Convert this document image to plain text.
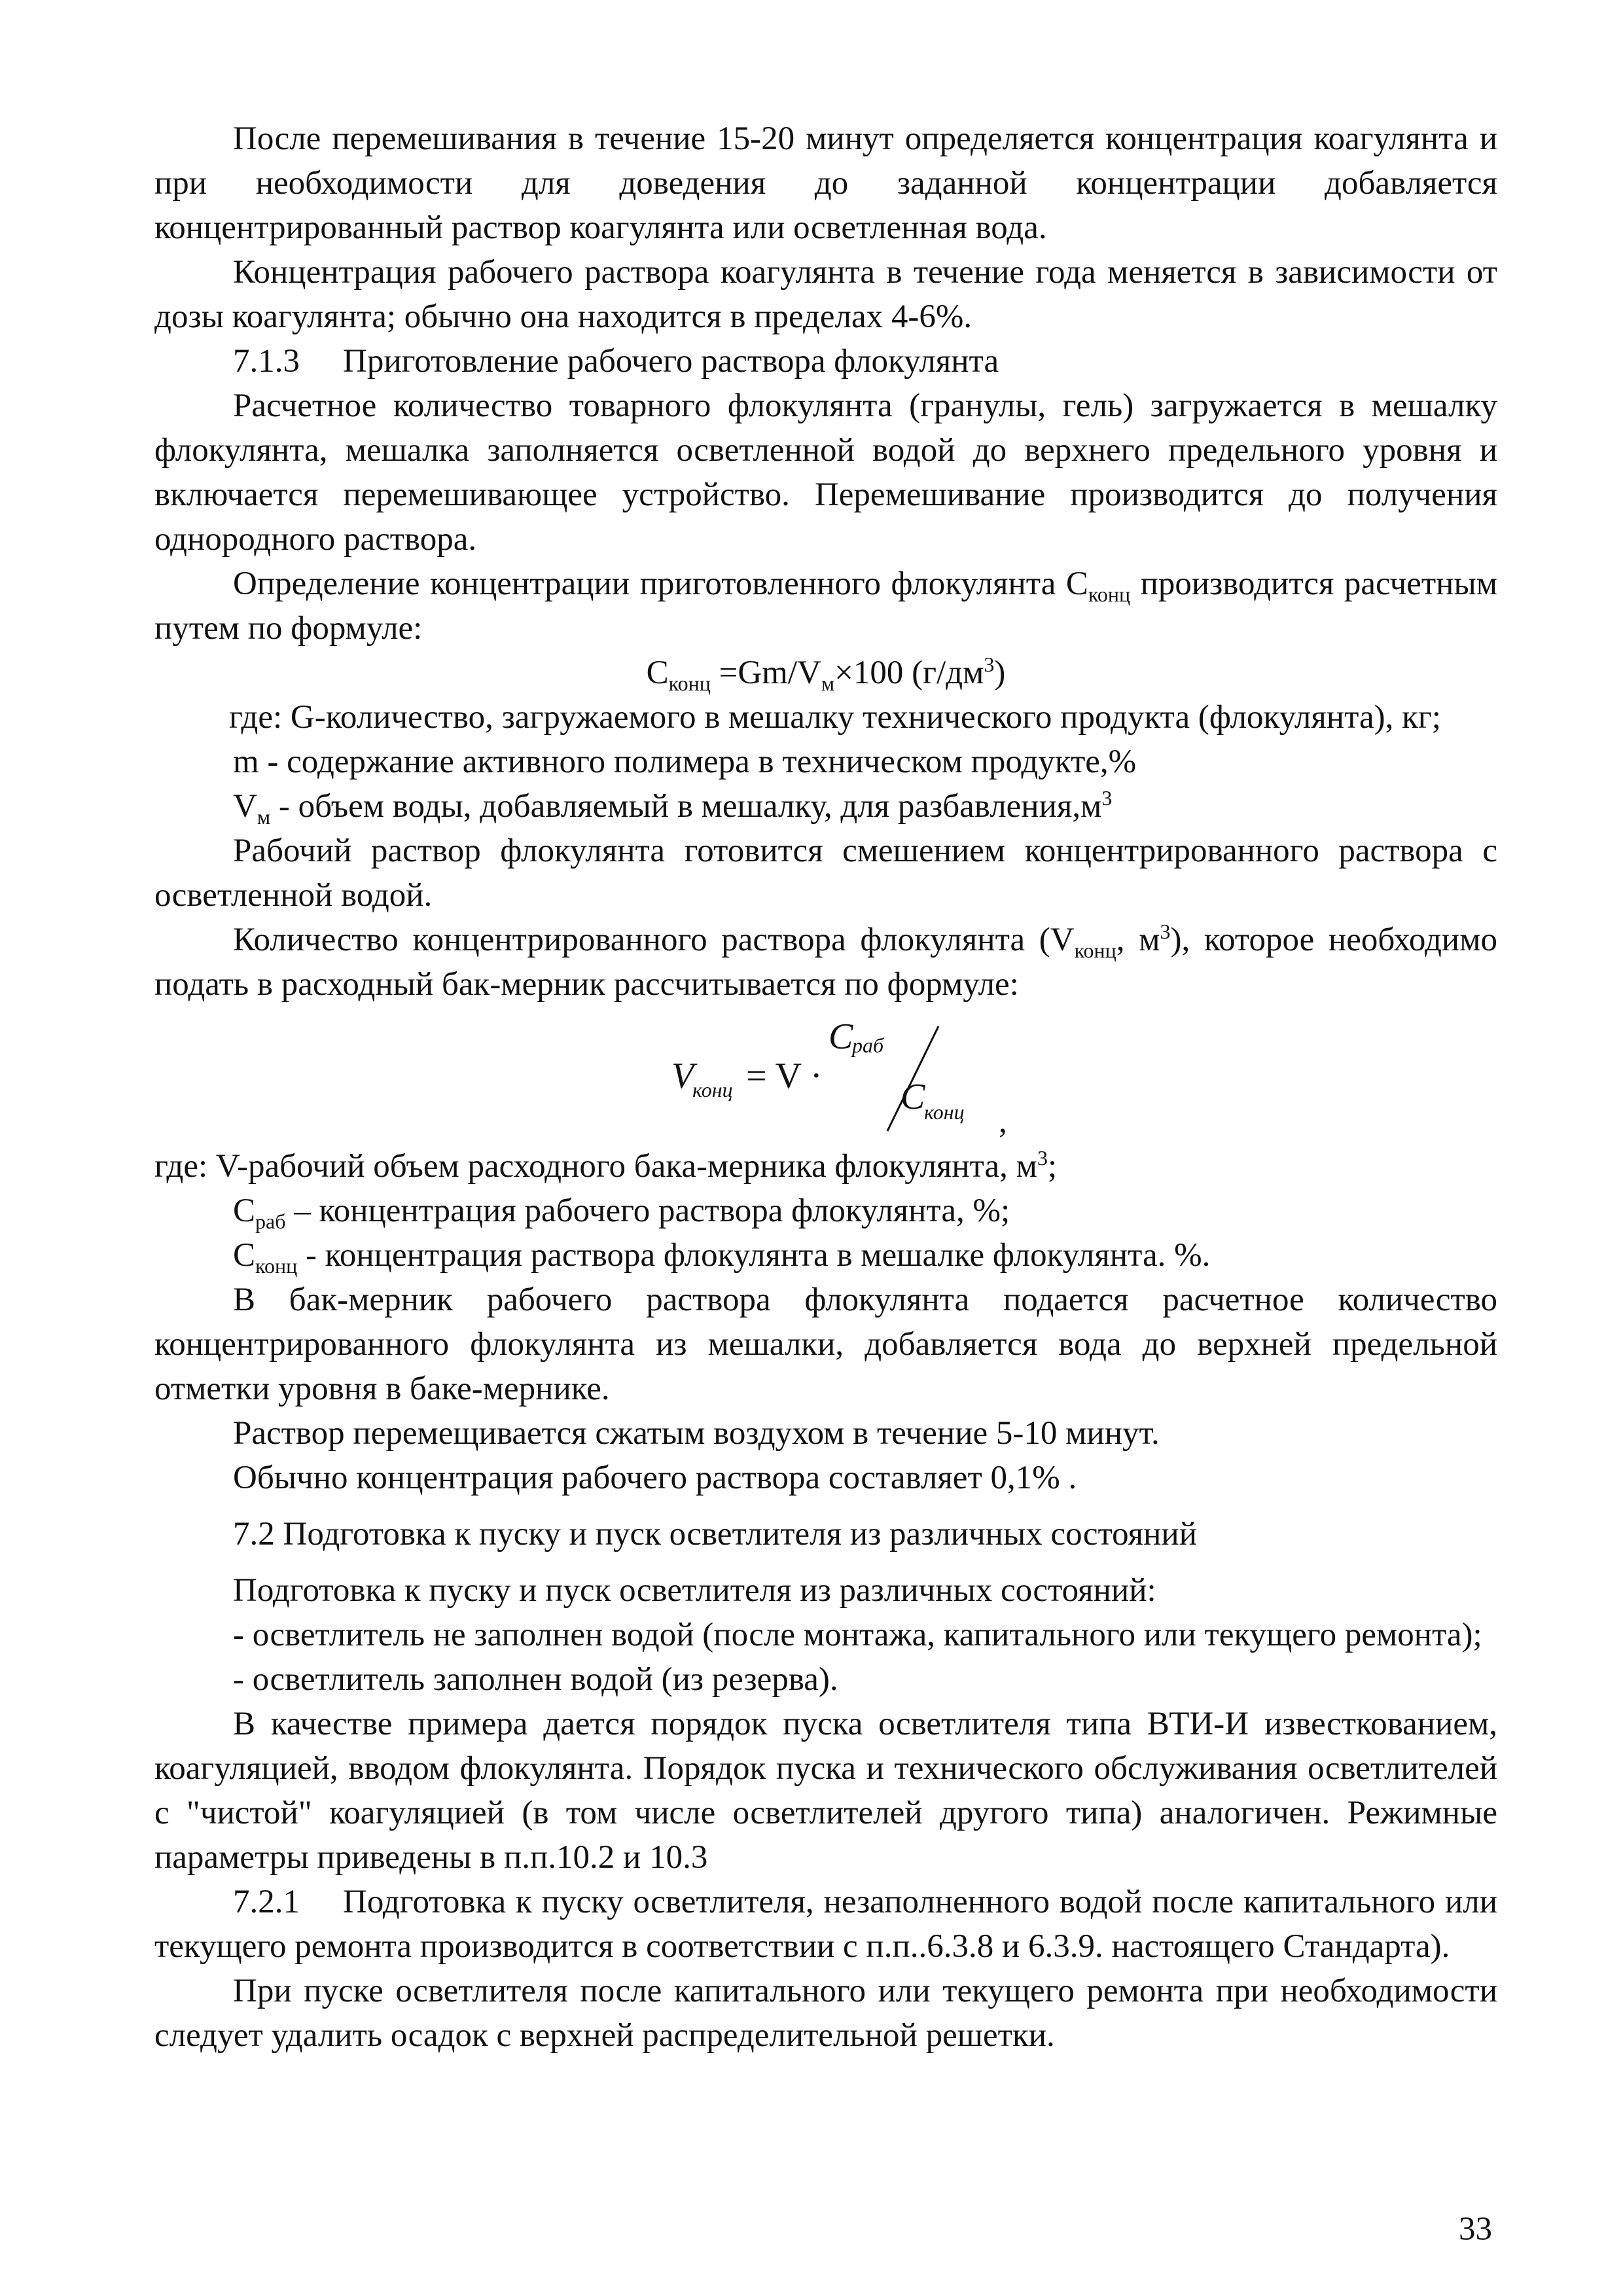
После перемешивания в течение 15-20 минут определяется концентрация коагулянта и при необходимости для доведения до заданной концентрации добавляется концентрированный раствор коагулянта или осветленная вода.

Концентрация рабочего раствора коагулянта в течение года меняется в зависимости от дозы коагулянта; обычно она находится в пределах 4-6%.

7.1.3 Приготовление рабочего раствора флокулянта

Расчетное количество товарного флокулянта (гранулы, гель) загружается в мешалку флокулянта, мешалка заполняется осветленной водой до верхнего предельного уровня и включается перемешивающее устройство. Перемешивание производится до получения однородного раствора.

Определение концентрации приготовленного флокулянта $С_{конц}$ производится расчетным путем по формуле:

$С_{конц} =Gm/V_м\times 100$ $(г/дм^3)$

где: G-количество, загружаемого в мешалку технического продукта (флокулянта), кг;

m - содержание активного полимера в техническом продукте,%

$V_м$ - объем воды, добавляемый в мешалку, для $разбавления,м^3$

Рабочий раствор флокулянта готовится смешением концентрированного раствора с осветленной водой.

Количество концентрированного раствора флокулянта ($V_{конц}$, $м^3$), которое необходимо подать в расходный бак-мерник рассчитывается по формуле:

V
конц = V ·
C
раб
C
конц ,

где: V-рабочий объем расходного бака-мерника флокулянта, $м^3$;

$С_{раб}$ – концентрация рабочего раствора флокулянта, %;

$С_{конц}$ - концентрация раствора флокулянта в мешалке флокулянта. %.

В бак-мерник рабочего раствора флокулянта подается расчетное количество концентрированного флокулянта из мешалки, добавляется вода до верхней предельной отметки уровня в баке-мернике.

Раствор перемещивается сжатым воздухом в течение 5-10 минут.

Обычно концентрация рабочего раствора составляет 0,1% .

7.2 Подготовка к пуску и пуск осветлителя из различных состояний

Подготовка к пуску и пуск осветлителя из различных состояний:

- осветлитель не заполнен водой (после монтажа, капитального или текущего ремонта);

- осветлитель заполнен водой (из резерва).

В качестве примера дается порядок пуска осветлителя типа ВТИ-И известкованием, коагуляцией, вводом флокулянта. Порядок пуска и технического обслуживания осветлителей с "чистой" коагуляцией (в том числе осветлителей другого типа) аналогичен. Режимные параметры приведены в п.п.10.2 и 10.3

7.2.1 Подготовка к пуску осветлителя, незаполненного водой после капитального или текущего ремонта производится в соответствии с п.п..6.3.8 и 6.3.9. настоящего Стандарта).

При пуске осветлителя после капитального или текущего ремонта при необходимости следует удалить осадок с верхней распределительной решетки.

33
